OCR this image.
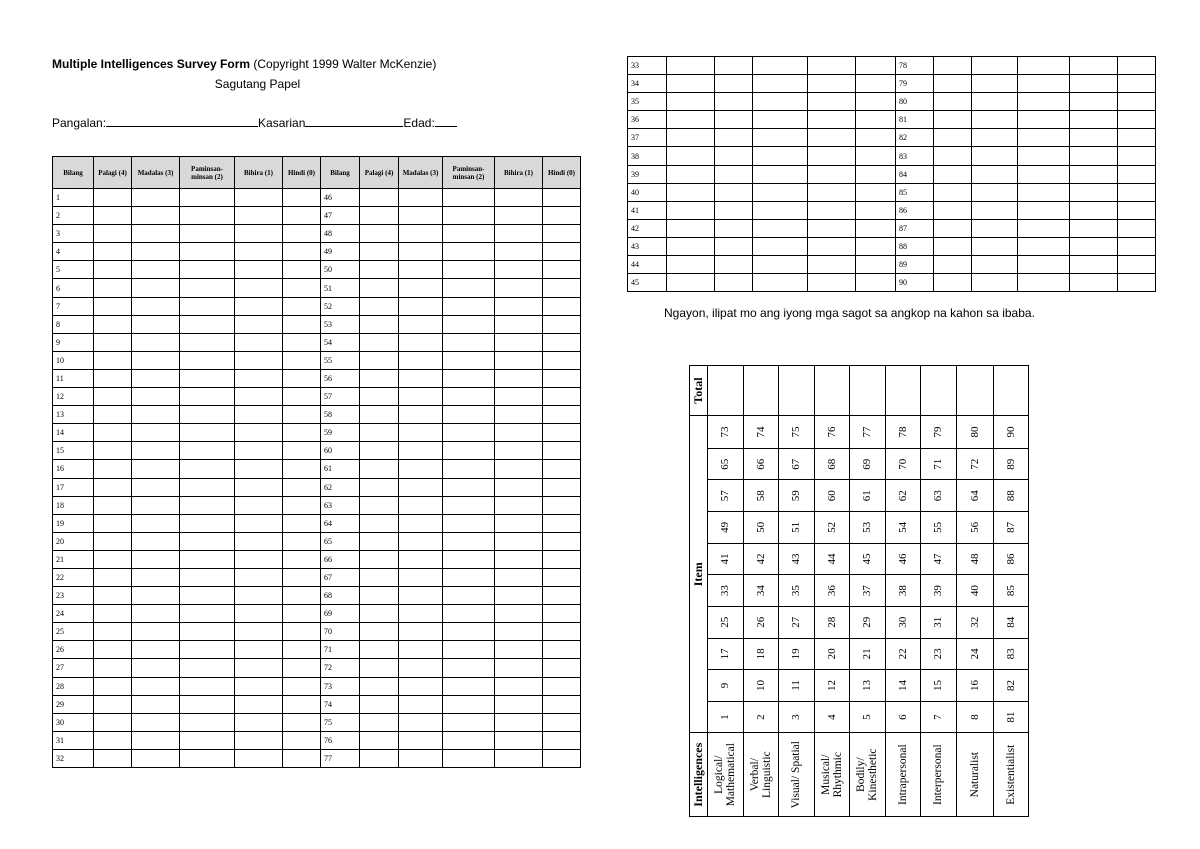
Multiple Intelligences Survey Form (Copyright 1999 Walter McKenzie)
Sagutang Papel
Pangalan:	Kasarian	Edad:
Bilang	Palagi (4)	Madalas (3)	Paminsan-minsan (2)	Bihira (1)	Hindi (0)	Bilang	Palagi (4)	Madalas (3)	Paminsan-minsan (2)	Bihira (1)	Hindi (0)
1						46					
2						47					
3						48					
4						49					
5						50					
6						51					
7						52					
8						53					
9						54					
10						55					
11						56					
12						57					
13						58					
14						59					
15						60					
16						61					
17						62					
18						63					
19						64					
20						65					
21						66					
22						67					
23						68					
24						69					
25						70					
26						71					
27						72					
28						73					
29						74					
30						75					
31						76					
32						77					
33						78					
34						79					
35						80					
36						81					
37						82					
38						83					
39						84					
40						85					
41						86					
42						87					
43						88					
44						89					
45						90					
Ngayon, ilipat mo ang iyong mga sagot sa angkop na kahon sa ibaba.
Intelligences	Item										Total
Logical/ Mathematical	1	9	17	25	33	41	49	57	65	73	
Verbal/ Linguistic	2	10	18	26	34	42	50	58	66	74	
Visual/ Spatial	3	11	19	27	35	43	51	59	67	75	
Musical/ Rhythmic	4	12	20	28	36	44	52	60	68	76	
Bodily/ Kinesthetic	5	13	21	29	37	45	53	61	69	77	
Intrapersonal	6	14	22	30	38	46	54	62	70	78	
Interpersonal	7	15	23	31	39	47	55	63	71	79	
Naturalist	8	16	24	32	40	48	56	64	72	80	
Existentialist	81	82	83	84	85	86	87	88	89	90	
